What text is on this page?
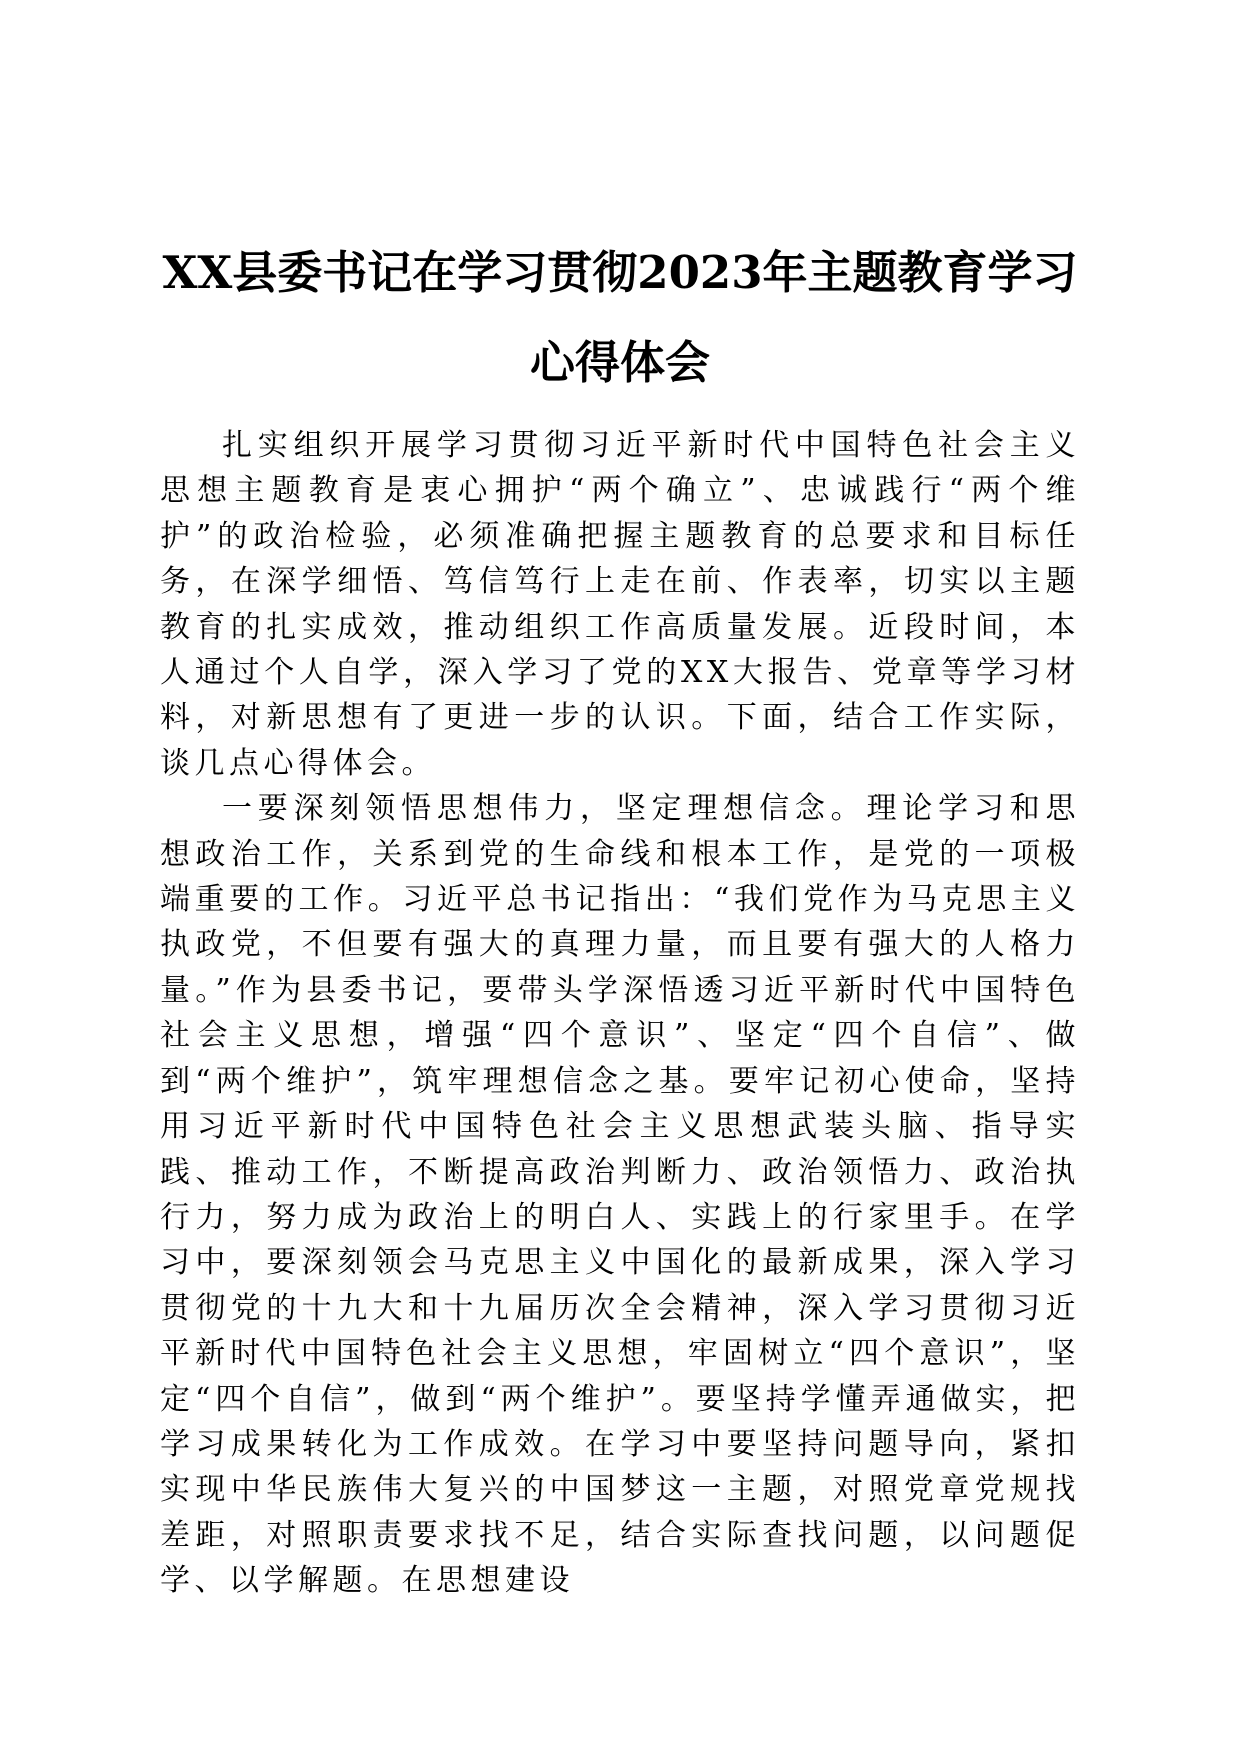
XX县委书记在学习贯彻2023年主题教育学习
心得体会

扎实组织开展学习贯彻习近平新时代中国特色社会主义思想主题教育是衷心拥护“两个确立”、忠诚践行“两个维护”的政治检验，必须准确把握主题教育的总要求和目标任务，在深学细悟、笃信笃行上走在前、作表率，切实以主题教育的扎实成效，推动组织工作高质量发展。近段时间，本人通过个人自学，深入学习了党的XX大报告、党章等学习材料，对新思想有了更进一步的认识。下面，结合工作实际，谈几点心得体会。

一要深刻领悟思想伟力，坚定理想信念。理论学习和思想政治工作，关系到党的生命线和根本工作，是党的一项极端重要的工作。习近平总书记指出：“我们党作为马克思主义执政党，不但要有强大的真理力量，而且要有强大的人格力量。”作为县委书记，要带头学深悟透习近平新时代中国特色社会主义思想，增强“四个意识”、坚定“四个自信”、做到“两个维护”，筑牢理想信念之基。要牢记初心使命，坚持用习近平新时代中国特色社会主义思想武装头脑、指导实践、推动工作，不断提高政治判断力、政治领悟力、政治执行力，努力成为政治上的明白人、实践上的行家里手。在学习中，要深刻领会马克思主义中国化的最新成果，深入学习贯彻党的十九大和十九届历次全会精神，深入学习贯彻习近平新时代中国特色社会主义思想，牢固树立“四个意识”，坚定“四个自信”，做到“两个维护”。要坚持学懂弄通做实，把学习成果转化为工作成效。在学习中要坚持问题导向，紧扣实现中华民族伟大复兴的中国梦这一主题，对照党章党规找差距，对照职责要求找不足，结合实际查找问题，以问题促学、以学解题。在思想建设
